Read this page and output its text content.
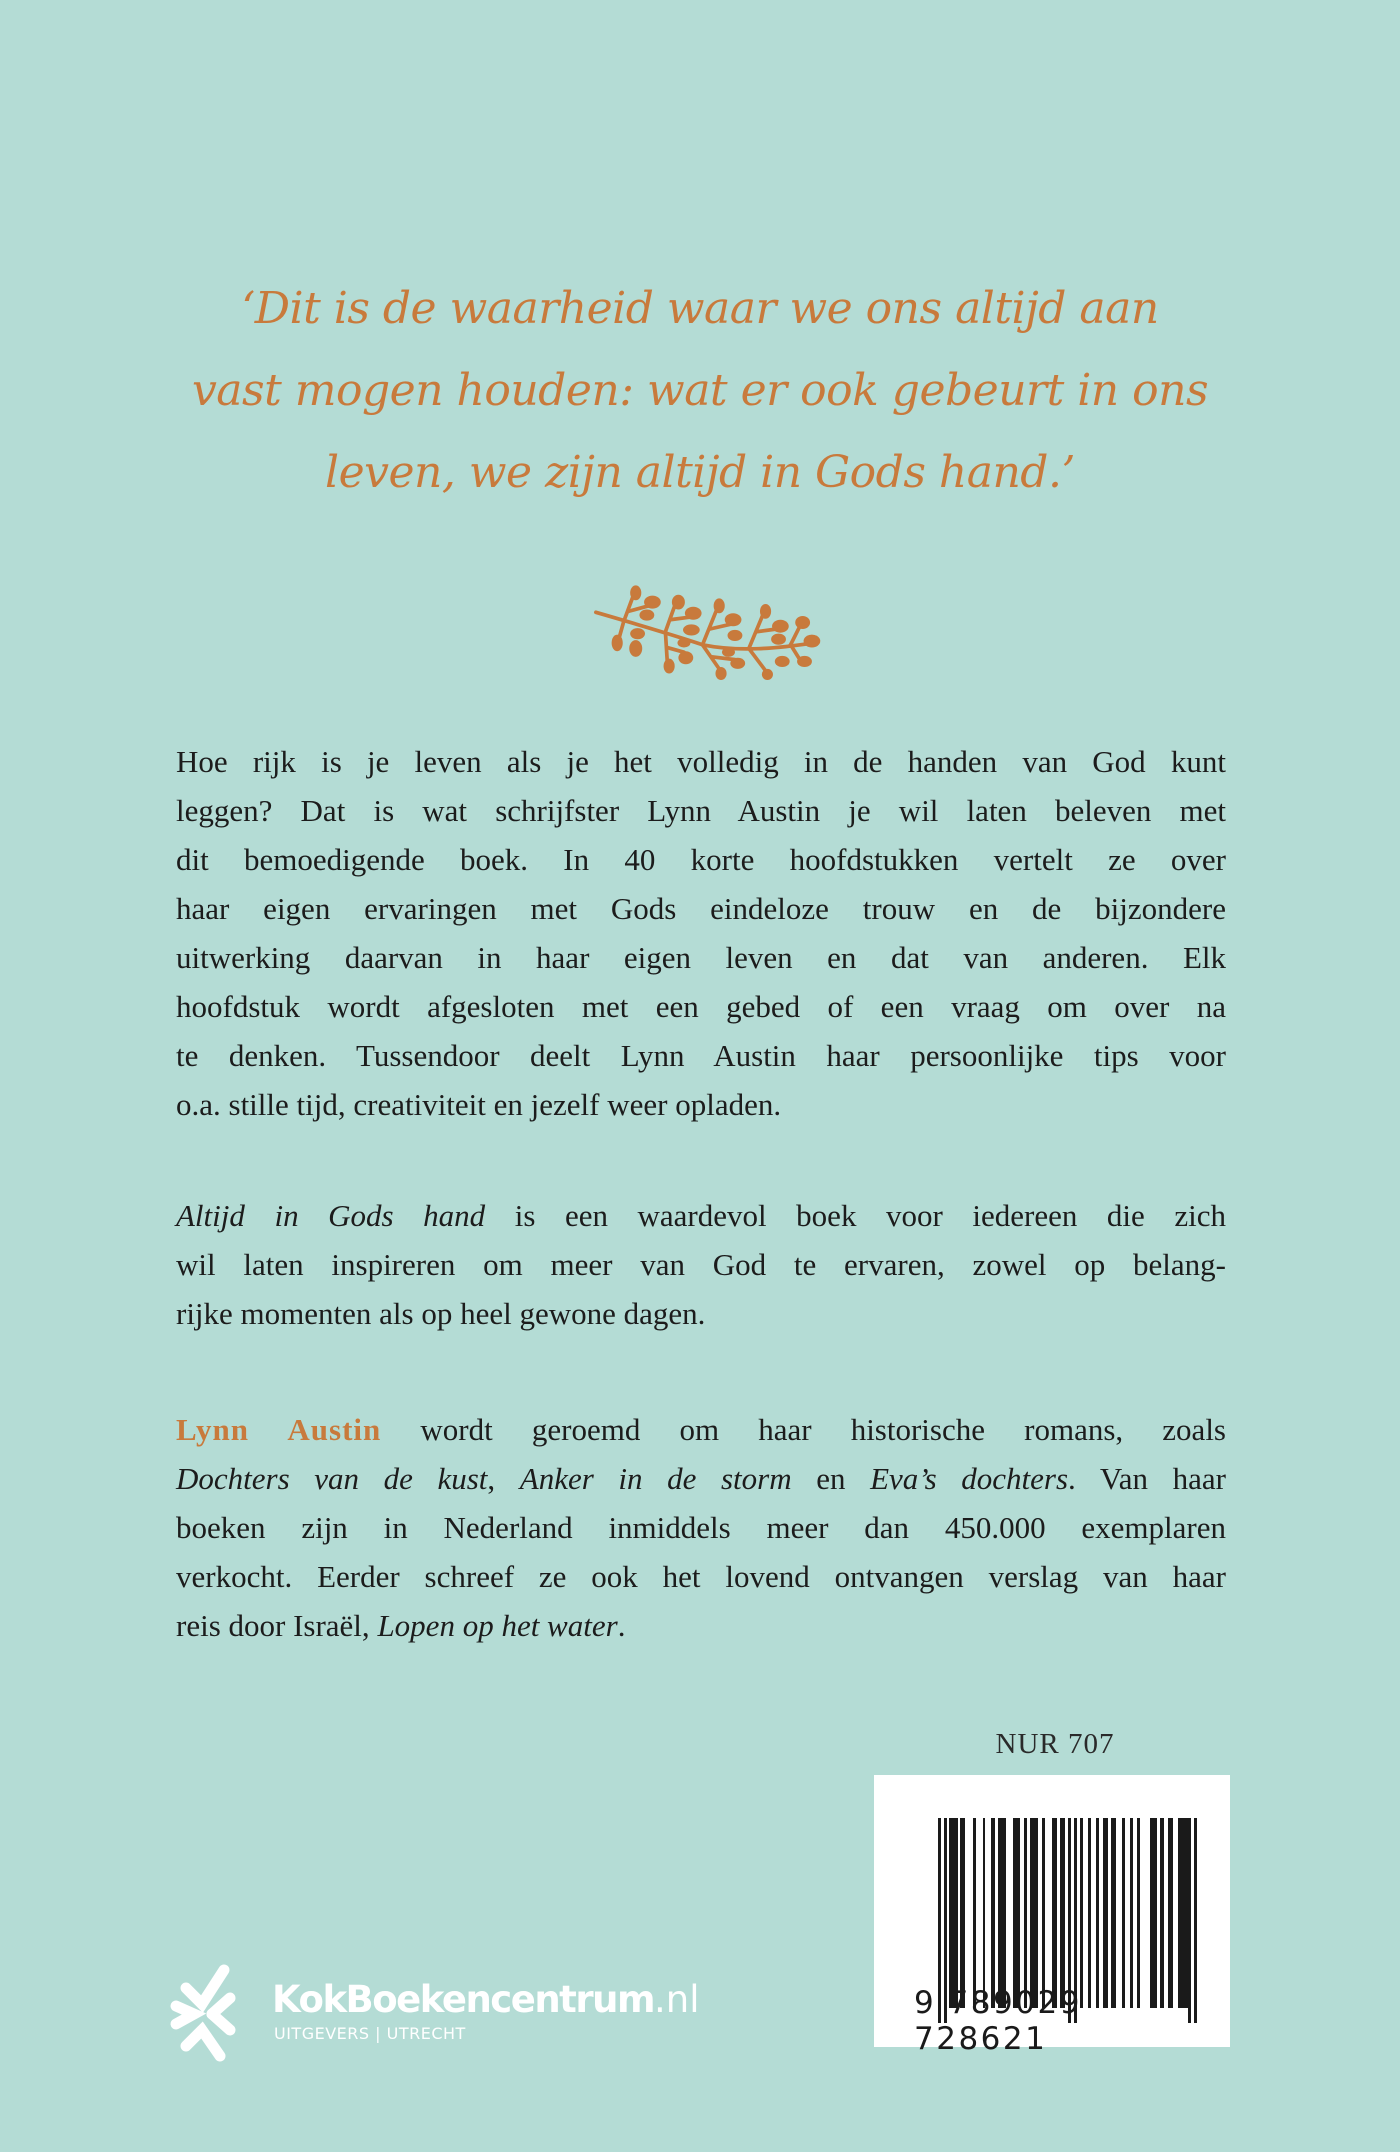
‘Dit is de waarheid waar we ons altijd aan
vast mogen houden: wat er ook gebeurt in ons
leven, we zijn altijd in Gods hand.’
Hoe rijk is je leven als je het volledig in de handen van God kunt
leggen? Dat is wat schrijfster Lynn Austin je wil laten beleven met
dit bemoedigende boek. In 40 korte hoofdstukken vertelt ze over
haar eigen ervaringen met Gods eindeloze trouw en de bijzondere
uitwerking daarvan in haar eigen leven en dat van anderen. Elk
hoofdstuk wordt afgesloten met een gebed of een vraag om over na
te denken. Tussendoor deelt Lynn Austin haar persoonlijke tips voor
o.a. stille tijd, creativiteit en jezelf weer opladen.
Altijd in Gods hand is een waardevol boek voor iedereen die zich
wil laten inspireren om meer van God te ervaren, zowel op belang-
rijke momenten als op heel gewone dagen.
Lynn Austin wordt geroemd om haar historische romans, zoals
Dochters van de kust, Anker in de storm en Eva’s dochters. Van haar
boeken zijn in Nederland inmiddels meer dan 450.000 exemplaren
verkocht. Eerder schreef ze ook het lovend ontvangen verslag van haar
reis door Israël, Lopen op het water.
NUR 707
9 789029 728621
KokBoekencentrum.nl
UITGEVERS | UTRECHT
